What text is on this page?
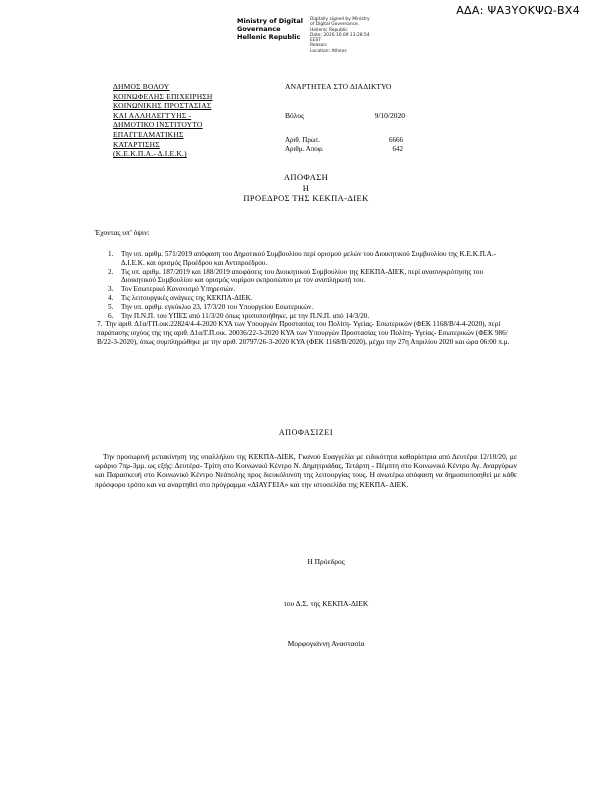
ΑΔΑ: ΨΑ3ΥΟΚΨΩ-ΒΧ4
Ministry of Digital
Governance
Hellenic Republic
Digitally signed by Ministry
of Digital Governance,
Hellenic Republic
Date: 2020.10.09 13:28:54
EEST
Reason:
Location: Athens
ΔΗΜΟΣ ΒΟΛΟΥ
ΚΟΙΝΩΦΕΛΗΣ ΕΠΙΧΕΙΡΗΣΗ
ΚΟΙΝΩΝΙΚΗΣ ΠΡΟΣΤΑΣΙΑΣ
ΚΑΙ ΑΛΛΗΛΕΓΓΥΗΣ -
ΔΗΜΟΤΙΚΟ ΙΝΣΤΙΤΟΥΤΟ
ΕΠΑΓΓΕΛΜΑΤΙΚΗΣ
ΚΑΤΑΡΤΙΣΗΣ
(Κ.Ε.Κ.Π.Α.- Δ.Ι.Ε.Κ.)
ΑΝΑΡΤΗΤΕΑ ΣΤΟ ΔΙΑΔΙΚΤΥΟ
Βόλος	9/10/2020
Αριθ. Πρωτ.	6666
Αριθμ. Αποφ.	642
ΑΠΟΦΑΣΗ
Η
ΠΡΟΕΔΡΟΣ ΤΗΣ ΚΕΚΠΑ-ΔΙΕΚ
Έχοντας υπ’ όψιν:
1. Την υπ. αριθμ. 571/2019 απόφαση του Δημοτικού Συμβουλίου περί ορισμού μελών του Διοικητικού Συμβουλίου της Κ.Ε.Κ.Π.Α.-Δ.Ι.Ε.Κ. και ορισμός Προέδρου και Αντιπροέδρου.
2. Τις υπ. αριθμ. 187/2019 και 188/2019 αποφάσεις του Διοικητικού Συμβουλίου της ΚΕΚΠΑ-ΔΙΕΚ, περί ανασυγκρότησης του Διοικητικού Συμβουλίου και ορισμός νομίμου εκπροσώπου με τον αναπληρωτή του.
3. Τον Εσωτερικό Κανονισμό Υπηρεσιών.
4. Τις λειτουργικές ανάγκες της ΚΕΚΠΑ-ΔΙΕΚ.
5. Την υπ. αριθμ. εγκύκλιο 23, 17/3/20 του Υπουργείου Εσωτερικών.
6. Την Π.Ν.Π. του ΥΠΕΣ από 11/3/20 όπως τροποποιήθηκε, με την Π.Ν.Π. από 14/3/20.
7. Την αριθ. Δ1α/ΓΠ.οικ.22824/4-4-2020 ΚΥΑ των Υπουργών Προστασίας του Πολίτη- Υγείας- Εσωτερικών (ΦΕΚ 1168/Β/4-4-2020), περί παράτασης ισχύος της της αριθ. Δ1α/Γ.Π.οικ. 20036/22-3-2020 ΚΥΑ των Υπουργών Προστασίας του Πολίτη- Υγείας- Εσωτερικών (ΦΕΚ 986/Β/22-3-2020), όπως συμπληρώθηκε με την αριθ. 20797/26-3-2020 ΚΥΑ (ΦΕΚ 1168/Β/2020), μέχρι την 27η Απριλίου 2020 και ώρα 06:00 π.μ.
ΑΠΟΦΑΣΙΖΕΙ

Την προσωρινή μετακίνηση της υπαλλήλου της ΚΕΚΠΑ-ΔΙΕΚ, Γκανού Ευαγγελία με ειδικότητα καθαρίστρια από Δευτέρα 12/10/20, με ωράριο 7πμ-3μμ. ως εξής: Δευτέρα- Τρίτη στο Κοινωνικό Κέντρο Ν. Δημητριάδας, Τετάρτη - Πέμπτη στο Κοινωνικό Κέντρο Αγ. Αναργύρων και Παρασκευή στο Κοινωνικό Κέντρο Νεάπολης προς διευκόλυνση της λειτουργίας τους. Η ανωτέρω απόφαση να δημοσιοποιηθεί με κάθε πρόσφορο τρόπο και να αναρτηθεί στο πρόγραμμα «ΔΙΑΥΓΕΙΑ» και την ιστοσελίδα της ΚΕΚΠΑ- ΔΙΕΚ.

Η Πρόεδρος
του Δ.Σ. της ΚΕΚΠΑ-ΔΙΕΚ
Μορφογιάννη Αναστασία
